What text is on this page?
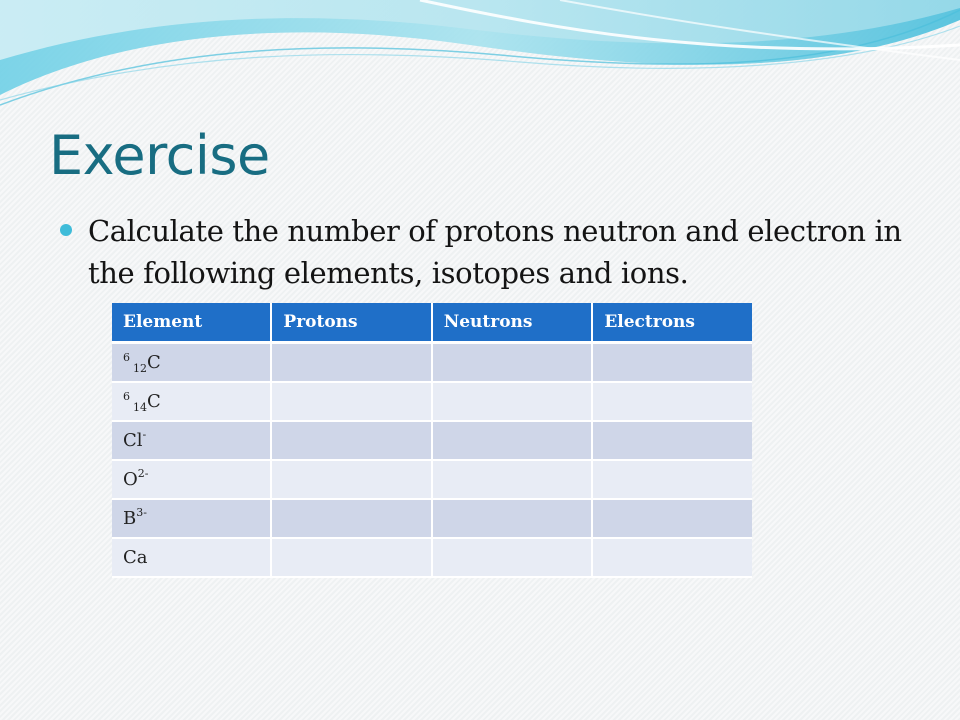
Exercise
Calculate the number of protons neutron and electron in the following elements, isotopes and ions.
Element	Protons	Neutrons	Electrons
$^6_{12}$C			
$^6_{14}$C			
Cl-			
$O^{2-}$			
$B^{3-}$			
Ca			
